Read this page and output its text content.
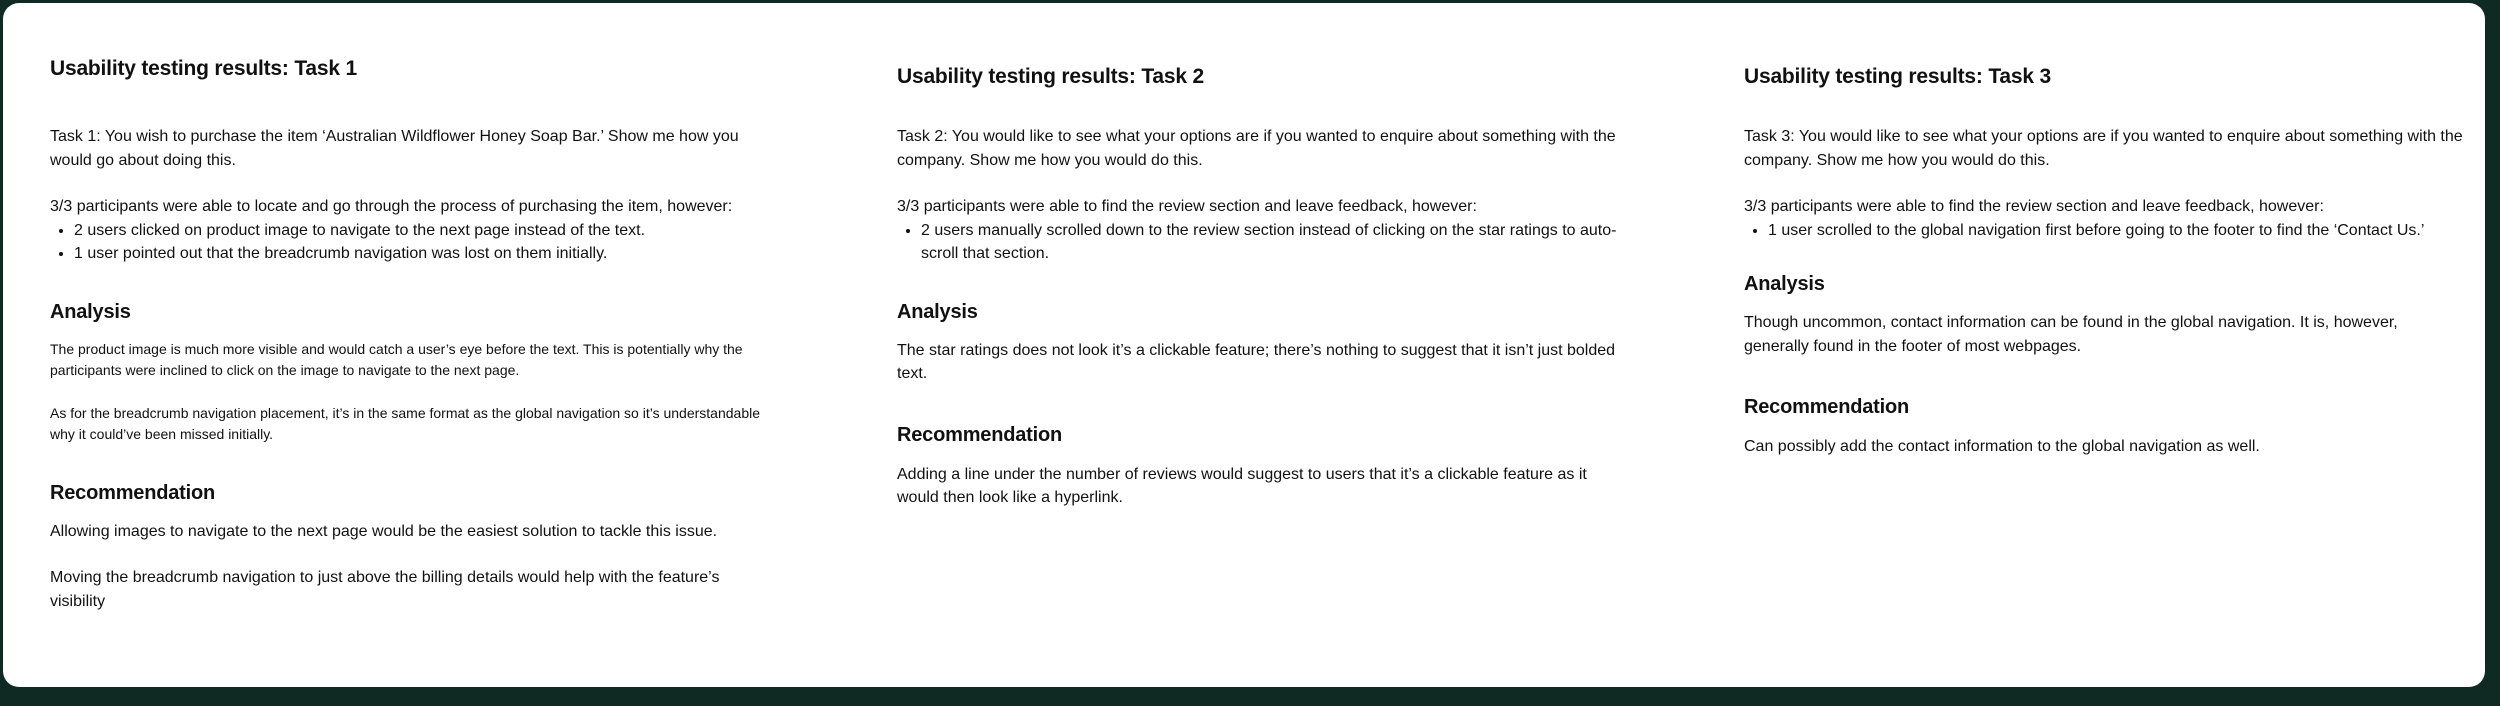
Usability testing results: Task 1

Task 1: You wish to purchase the item ‘Australian Wildflower Honey Soap Bar.’ Show me how you would go about doing this.

3/3 participants were able to locate and go through the process of purchasing the item, however:

• 2 users clicked on product image to navigate to the next page instead of the text.
• 1 user pointed out that the breadcrumb navigation was lost on them initially.
Analysis

The product image is much more visible and would catch a user’s eye before the text. This is potentially why the participants were inclined to click on the image to navigate to the next page.

As for the breadcrumb navigation placement, it’s in the same format as the global navigation so it’s understandable why it could’ve been missed initially.

Recommendation

Allowing images to navigate to the next page would be the easiest solution to tackle this issue.

Moving the breadcrumb navigation to just above the billing details would help with the feature’s visibility

Usability testing results: Task 2

Task 2: You would like to see what your options are if you wanted to enquire about something with the company. Show me how you would do this.

3/3 participants were able to find the review section and leave feedback, however:

• 2 users manually scrolled down to the review section instead of clicking on the star ratings to auto-scroll that section.
Analysis

The star ratings does not look it’s a clickable feature; there’s nothing to suggest that it isn’t just bolded text.

Recommendation

Adding a line under the number of reviews would suggest to users that it’s a clickable feature as it would then look like a hyperlink.

Usability testing results: Task 3

Task 3: You would like to see what your options are if you wanted to enquire about something with the company. Show me how you would do this.

3/3 participants were able to find the review section and leave feedback, however:

• 1 user scrolled to the global navigation first before going to the footer to find the ‘Contact Us.’
Analysis

Though uncommon, contact information can be found in the global navigation. It is, however, generally found in the footer of most webpages.

Recommendation

Can possibly add the contact information to the global navigation as well.
